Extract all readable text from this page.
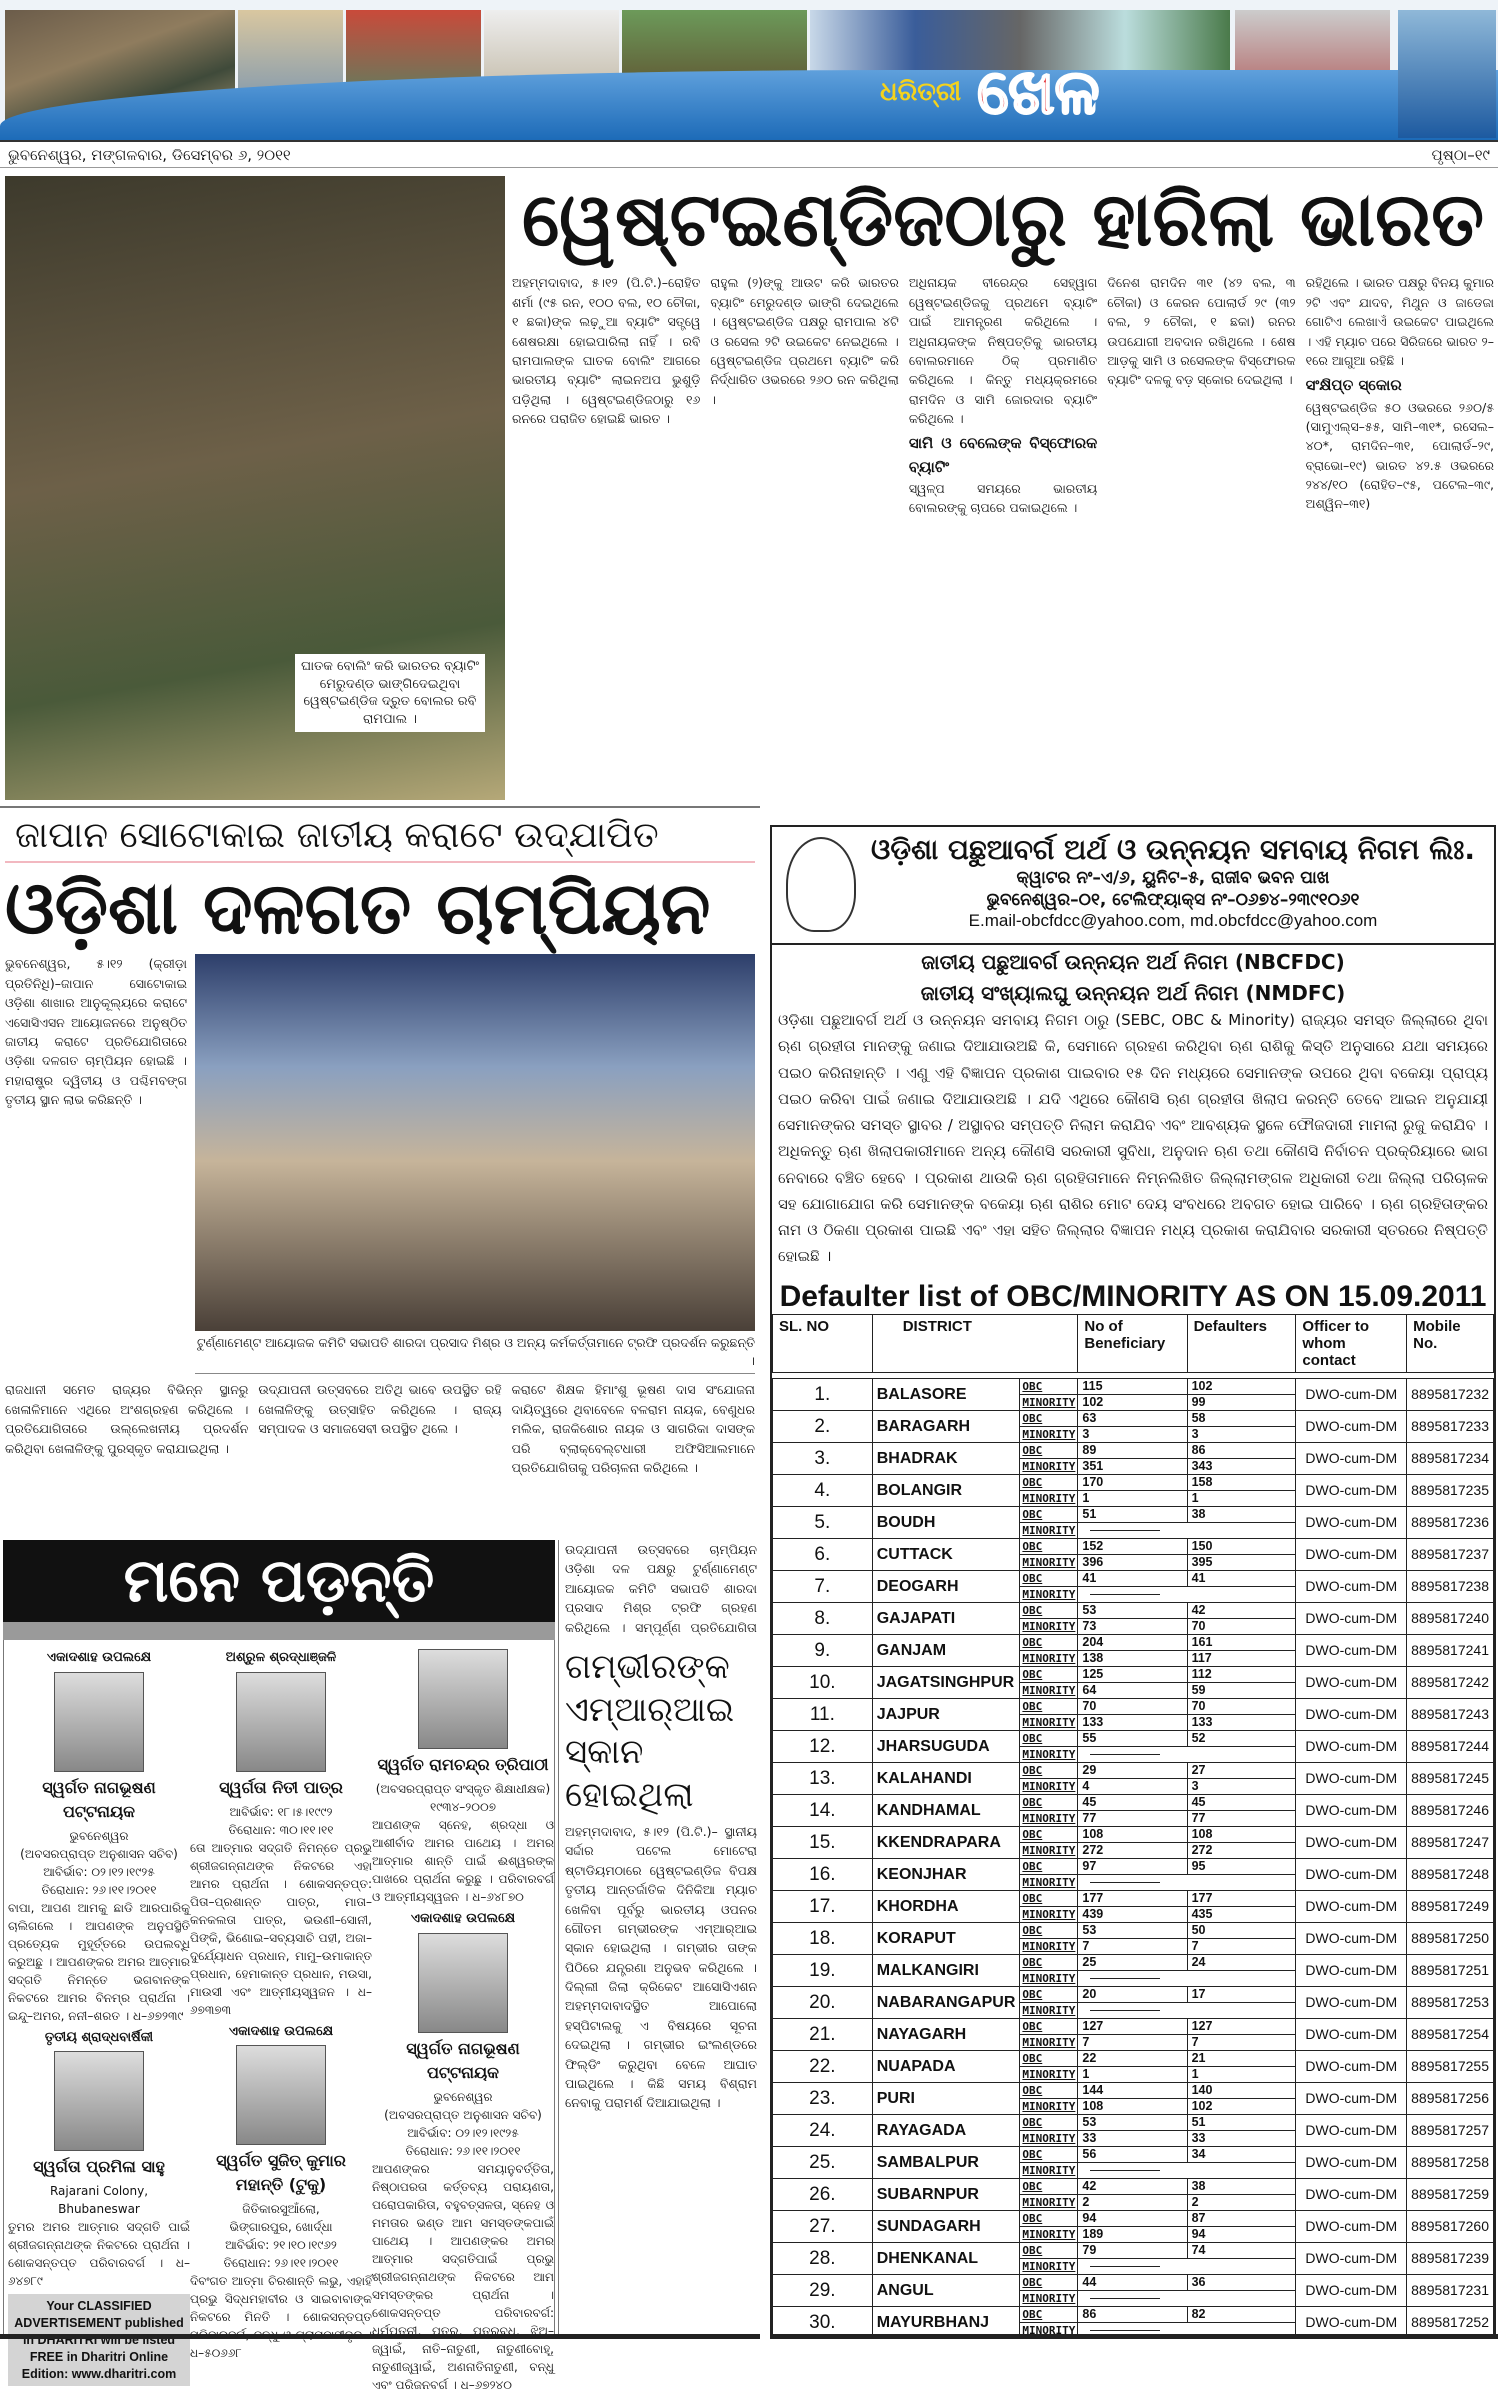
ଧରିତ୍ରୀ ଖେଳ
ଭୁବନେଶ୍ୱର, ମଙ୍ଗଳବାର, ଡିସେମ୍ବର ୬, ୨୦୧୧	ପୃଷ୍ଠା–୧୯
ଘାତକ ବୋଲିଂ କରି ଭାରତର ବ୍ୟାଟିଂ ମେରୁଦଣ୍ଡ ଭାଙ୍ଗିଦେଇଥିବା ୱେଷ୍ଟଇଣ୍ଡିଜ ଦ୍ରୁତ ବୋଲର ରବି ରାମପାଲ ।
ୱେଷ୍ଟଇଣ୍ଡିଜଠାରୁ ହାରିଲା ଭାରତ
ଅହମ୍ମଦାବାଦ, ୫।୧୨ (ପି.ଟି.)–ରୋହିତ ଶର୍ମା (୯୫ ରନ, ୧୦୦ ବଲ, ୧୦ ଚୌକା, ୧ ଛକା)ଙ୍କ ଲଢ଼ୁଆ ବ୍ୟାଟିଂ ସତ୍ତ୍ୱେ ଶେଷରକ୍ଷା ହୋଇପାରିଲା ନାହିଁ । ରବି ରାମପାଲଙ୍କ ଘାତକ ବୋଲିଂ ଆଗରେ ଭାରତୀୟ ବ୍ୟାଟିଂ ଲାଇନଅପ ଭୁଶୁଡ଼ି ପଡ଼ିଥିଲା । ୱେଷ୍ଟଇଣ୍ଡିଜଠାରୁ ୧୬ ରନରେ ପରାଜିତ ହୋଇଛି ଭାରତ ।
ରାହୁଲ (୨)ଙ୍କୁ ଆଉଟ କରି ଭାରତର ବ୍ୟାଟିଂ ମେରୁଦଣ୍ଡ ଭାଙ୍ଗି ଦେଇଥିଲେ । ୱେଷ୍ଟଇଣ୍ଡିଜ ପକ୍ଷରୁ ରାମପାଲ ୪ଟି ଓ ରସେଲ ୨ଟି ଉଇକେଟ ନେଇଥିଲେ । ୱେଷ୍ଟଇଣ୍ଡିଜ ପ୍ରଥମେ ବ୍ୟାଟିଂ କରି ନିର୍ଦ୍ଧାରିତ ଓଭରରେ ୨୬୦ ରନ କରିଥିଲା ।
ଅଧିନାୟକ ବୀରେନ୍ଦ୍ର ସେହ୍ୱାଗ ୱେଷ୍ଟଇଣ୍ଡିଜକୁ ପ୍ରଥମେ ବ୍ୟାଟିଂ ପାଇଁ ଆମନ୍ତ୍ରଣ କରିଥିଲେ । ଅଧିନାୟକଙ୍କ ନିଷ୍ପତ୍ତିକୁ ଭାରତୀୟ ବୋଲରମାନେ ଠିକ୍ ପ୍ରମାଣିତ କରିଥିଲେ । କିନ୍ତୁ ମଧ୍ୟକ୍ରମରେ ରାମଦିନ ଓ ସାମି ଜୋରଦାର ବ୍ୟାଟିଂ କରିଥିଲେ ।
ସାମି ଓ ବେଲେଙ୍କ ବିସ୍ଫୋରକ ବ୍ୟାଟିଂ
ସ୍ୱଳ୍ପ ସମୟରେ ଭାରତୀୟ ବୋଲରଙ୍କୁ ଚାପରେ ପକାଇଥିଲେ ।
ଦିନେଶ ରାମଦିନ ୩୧ (୪୨ ବଲ, ୩ ଚୌକା) ଓ କେରନ ପୋଲାର୍ଡ ୨୯ (୩୨ ବଲ, ୨ ଚୌକା, ୧ ଛକା) ରନର ଉପଯୋଗୀ ଅବଦାନ ରଖିଥିଲେ । ଶେଷ ଆଡ଼କୁ ସାମି ଓ ରସେଲଙ୍କ ବିସ୍ଫୋରକ ବ୍ୟାଟିଂ ଦଳକୁ ବଡ଼ ସ୍କୋର ଦେଇଥିଲା ।
ରହିଥିଲେ । ଭାରତ ପକ୍ଷରୁ ବିନୟ କୁମାର ୨ଟି ଏବଂ ଯାଦବ, ମିଥୁନ ଓ ଜାଡେଜା ଗୋଟିଏ ଲେଖାଏଁ ଉଇକେଟ ପାଇଥିଲେ । ଏହି ମ୍ୟାଚ ପରେ ସିରିଜରେ ଭାରତ ୨–୧ରେ ଆଗୁଆ ରହିଛି ।
ସଂକ୍ଷିପ୍ତ ସ୍କୋର
ୱେଷ୍ଟଇଣ୍ଡିଜ ୫୦ ଓଭରରେ ୨୬୦/୫ (ସାମୁଏଲ୍ସ–୫୫, ସାମି–୩୧*, ରସେଲ–୪୦*, ରାମଦିନ–୩୧, ପୋଲାର୍ଡ–୨୯, ବ୍ରାଭୋ–୧୯) ଭାରତ ୪୨.୫ ଓଭରରେ ୨୪୪/୧୦ (ରୋହିତ–୯୫, ପଟେଲ–୩୯, ଅଶ୍ୱିନ–୩୧)
ଜାପାନ ସୋଟୋକାଇ ଜାତୀୟ କରାଟେ ଉଦ୍‌ଯାପିତ
ଓଡ଼ିଶା ଦଳଗତ ଚାମ୍ପିୟନ
ଭୁବନେଶ୍ୱର, ୫।୧୨ (କ୍ରୀଡ଼ା ପ୍ରତିନିଧି)–ଜାପାନ ସୋଟୋକାଇ ଓଡ଼ିଶା ଶାଖାର ଆନୁକୂଲ୍ୟରେ କରାଟେ ଏସୋସିଏସନ ଆୟୋଜନରେ ଅନୁଷ୍ଠିତ ଜାତୀୟ କରାଟେ ପ୍ରତିଯୋଗିତାରେ ଓଡ଼ିଶା ଦଳଗତ ଚାମ୍ପିୟନ ହୋଇଛି । ମହାରାଷ୍ଟ୍ର ଦ୍ୱିତୀୟ ଓ ପଶ୍ଚିମବଙ୍ଗ ତୃତୀୟ ସ୍ଥାନ ଲାଭ କରିଛନ୍ତି ।
ଟୁର୍ଣ୍ଣାମେଣ୍ଟ ଆୟୋଜକ କମିଟି ସଭାପତି ଶାରଦା ପ୍ରସାଦ ମିଶ୍ର ଓ ଅନ୍ୟ କର୍ମକର୍ତ୍ତାମାନେ ଟ୍ରଫି ପ୍ରଦର୍ଶନ କରୁଛନ୍ତି ।
ରାଜଧାନୀ ସମେତ ରାଜ୍ୟର ବିଭିନ୍ନ ସ୍ଥାନରୁ ଖେଳାଳିମାନେ ଏଥିରେ ଅଂଶଗ୍ରହଣ କରିଥିଲେ । ପ୍ରତିଯୋଗିତାରେ ଉଲ୍ଲେଖନୀୟ ପ୍ରଦର୍ଶନ କରିଥିବା ଖେଳାଳିଙ୍କୁ ପୁରସ୍କୃତ କରାଯାଇଥିଲା ।
ଉଦ୍‌ଯାପନୀ ଉତ୍ସବରେ ଅତିଥି ଭାବେ ଉପସ୍ଥିତ ରହି ଖେଳାଳିଙ୍କୁ ଉତ୍ସାହିତ କରିଥିଲେ । ରାଜ୍ୟ ସମ୍ପାଦକ ଓ ସମାଜସେବୀ ଉପସ୍ଥିତ ଥିଲେ ।
କରାଟେ ଶିକ୍ଷକ ହିମାଂଶୁ ଭୂଷଣ ଦାସ ସଂଯୋଜନା ଦାୟିତ୍ୱରେ ଥିବାବେଳେ ବଳରାମ ନାୟକ, ବେଣୁଧର ମଲିକ, ରାଜକିଶୋର ନାୟକ ଓ ସାଗରିକା ଦାସଙ୍କ ପରି ବ୍ଲାକ୍‌ବେଲ୍ଟଧାରୀ ଅଫିସିଆଲମାନେ ପ୍ରତିଯୋଗିତାକୁ ପରିଚାଳନା କରିଥିଲେ ।
ଉଦ୍‌ଯାପନୀ ଉତ୍ସବରେ ଚାମ୍ପିୟନ ଓଡ଼ିଶା ଦଳ ପକ୍ଷରୁ ଟୁର୍ଣ୍ଣାମେଣ୍ଟ ଆୟୋଜକ କମିଟି ସଭାପତି ଶାରଦା ପ୍ରସାଦ ମିଶ୍ର ଟ୍ରଫି ଗ୍ରହଣ କରିଥିଲେ । ସମ୍ପୂର୍ଣ୍ଣ ପ୍ରତିଯୋଗିତା
ଗମ୍ଭୀରଙ୍କ ଏମ୍‌ଆର୍‌ଆଇ ସ୍କାନ ହୋଇଥିଲା
ଅହମ୍ମଦାବାଦ, ୫।୧୨ (ପି.ଟି.)– ସ୍ଥାନୀୟ ସର୍ଦ୍ଦାର ପଟେଲ ମୋଟେରା ଷ୍ଟାଡିୟମଠାରେ ୱେଷ୍ଟଇଣ୍ଡିଜ ବିପକ୍ଷ ତୃତୀୟ ଆନ୍ତର୍ଜାତିକ ଦିନିକିଆ ମ୍ୟାଚ ଖେଳିବା ପୂର୍ବରୁ ଭାରତୀୟ ଓପନର ଗୌତମ ଗମ୍ଭୀରଙ୍କ ଏମ୍‌ଆର୍‌ଆଇ ସ୍କାନ ହୋଇଥିଲା । ଗମ୍ଭୀର ତାଙ୍କ ପିଠିରେ ଯନ୍ତ୍ରଣା ଅନୁଭବ କରିଥିଲେ । ଦିଲ୍ଲୀ ଜିଲା କ୍ରିକେଟ ଆସୋସିଏଶନ ଅହମ୍ମଦାବାଦସ୍ଥିତ ଆପୋଲୋ ହସ୍ପିଟାଲକୁ ଏ ବିଷୟରେ ସୂଚନା ଦେଇଥିଲା । ଗମ୍ଭୀର ଇଂଲଣ୍ଡରେ ଫିଲ୍ଡିଂ କରୁଥିବା ବେଳେ ଆଘାତ ପାଇଥିଲେ । କିଛି ସମୟ ବିଶ୍ରାମ ନେବାକୁ ପରାମର୍ଶ ଦିଆଯାଇଥିଲା ।
ମନେ ପଡ଼ନ୍ତି
ଏକାଦଶାହ ଉପଲକ୍ଷେ
ସ୍ୱର୍ଗତ ନାଗଭୂଷଣ ପଟ୍ଟନାୟକ
ଭୁବନେଶ୍ୱର
(ଅବସରପ୍ରାପ୍ତ ଅନୁଶାସନ ସଚିବ)
ଆବିର୍ଭାବ: ୦୨।୧୨।୧୯୨୫
ତିରୋଧାନ: ୨୬।୧୧।୨୦୧୧
ବାପା, ଆପଣ ଆମକୁ ଛାଡି ଆରପାରିକୁ ଚାଲିଗଲେ । ଆପଣଙ୍କ ଅନୁପସ୍ଥିତି ପ୍ରତ୍ୟେକ ମୁହୂର୍ତ୍ତରେ ଉପଲବ୍ଧି କରୁଅଛୁ । ଆପଣଙ୍କର ଅମର ଆତ୍ମାର ସଦ୍‌ଗତି ନିମନ୍ତେ ଭଗବାନଙ୍କ ନିକଟରେ ଆମର ବିନମ୍ର ପ୍ରାର୍ଥନା । ଇନ୍ଦୁ–ଅମର, ନନୀ–ଶରତ । ଧ–୬୭୨୩୯
ତୃତୀୟ ଶ୍ରାଦ୍ଧବାର୍ଷିକୀ
ସ୍ୱର୍ଗତା ପ୍ରମିଳା ସାହୁ
Rajarani Colony,
Bhubaneswar
ତୁମର ଅମର ଆତ୍ମାର ସଦ୍‌ଗତି ପାଇଁ ଶ୍ରୀଜଗନ୍ନାଥଙ୍କ ନିକଟରେ ପ୍ରାର୍ଥନା । ଶୋକସନ୍ତପ୍ତ ପରିବାରବର୍ଗ । ଧ–୬୪୭୮୯
Your CLASSIFIED ADVERTISEMENT published in DHARITRI will be listed FREE in Dharitri Online Edition: www.dharitri.com
ଅଶ୍ରୁଳ ଶ୍ରଦ୍ଧାଞ୍ଜଳି
ସ୍ୱର୍ଗତା ନିତୀ ପାତ୍ର
ଆବିର୍ଭାବ: ୧୮।୫।୧୯୯୨
ତିରୋଧାନ: ୩୦।୧୧।୧୧
ତୋ ଆତ୍ମାର ସଦ୍‌ଗତି ନିମନ୍ତେ ପ୍ରଭୁ ଶ୍ରୀଜଗନ୍ନାଥଙ୍କ ନିକଟରେ ଏହା ଆମର ପ୍ରାର୍ଥନା । ଶୋକସନ୍ତପ୍ତ: ପିତା–ପ୍ରଶାନ୍ତ ପାତ୍ର, ମାତା–କନକଲତା ପାତ୍ର, ଭଉଣୀ–ସୋନୀ, ପିଙ୍କି, ଭିଣୋଇ–ସବ୍ୟସାଚି ପହୀ, ଅଜା–ଦୁର୍ଯ୍ୟୋଧନ ପ୍ରଧାନ, ମାମୁ–ଉମାକାନ୍ତ ପ୍ରଧାନ, ହେମାକାନ୍ତ ପ୍ରଧାନ, ମଉସା, ମାଉସୀ ଏବଂ ଆତ୍ମୀୟସ୍ୱଜନ । ଧ–୬୭୩୭୩
ଏକାଦଶାହ ଉପଲକ୍ଷେ
ସ୍ୱର୍ଗତ ସୁଜିତ୍ କୁମାର ମହାନ୍ତି (ଟୁକୁ)
ଜିତିକାରସୁଆଁଲୋ,
ଭିଙ୍ଗାରପୁର, ଖୋର୍ଦ୍ଧା
ଆବିର୍ଭାବ: ୨୧।୧୦।୧୯୬୨
ତିରୋଧାନ: ୨୬।୧୧।୨୦୧୧
ଦିବଂଗତ ଆତ୍ମା ଚିରଶାନ୍ତି ଲଭୁ, ଏହାହିଁ ପ୍ରଭୁ ସିଦ୍ଧମହାବୀର ଓ ସାଇବାବାଙ୍କ ନିକଟରେ ମିନତି । ଶୋକସନ୍ତପ୍ତ ପରିବାରବର୍ଗ, ବନ୍ଧୁ ଓ ଗ୍ରାମବାସୀବୃନ୍ଦ । ଧ–୫୦୬୬୮
ସ୍ୱର୍ଗତ ରାମଚନ୍ଦ୍ର ତ୍ରିପାଠୀ
(ଅବସରପ୍ରାପ୍ତ ସଂସ୍କୃତ ଶିକ୍ଷାଧୀକ୍ଷକ)
୧୯୩୪–୨୦୦୭
ଆପଣଙ୍କ ସ୍ନେହ, ଶ୍ରଦ୍ଧା ଓ ଆଶୀର୍ବାଦ ଆମର ପାଥେୟ । ଅମର ଆତ୍ମାର ଶାନ୍ତି ପାଇଁ ଈଶ୍ୱରଙ୍କ ପାଖରେ ପ୍ରାର୍ଥନା କରୁଛୁ । ପରିବାରବର୍ଗ ଓ ଆତ୍ମୀୟସ୍ୱଜନ । ଧ–୬୪୮୭୦
ଏକାଦଶାହ ଉପଲକ୍ଷେ
ସ୍ୱର୍ଗତ ନାଗଭୂଷଣ ପଟ୍ଟନାୟକ
ଭୁବନେଶ୍ୱର
(ଅବସରପ୍ରାପ୍ତ ଅନୁଶାସନ ସଚିବ)
ଆବିର୍ଭାବ: ୦୨।୧୨।୧୯୨୫
ତିରୋଧାନ: ୨୬।୧୧।୨୦୧୧
ଆପଣଙ୍କର ସମୟାନୁବର୍ତ୍ତିତା, ନିଷ୍ଠାପରତା କର୍ତ୍ତବ୍ୟ ପରାୟଣତା, ପରୋପକାରିତା, ବହୁବତ୍ସଳତା, ସ୍ନେହ ଓ ମମତାର ଭଣ୍ଡ ଆମ ସମସ୍ତଙ୍କପାଇଁ ପାଥେୟ । ଆପଣଙ୍କର ଅମର ଆତ୍ମାର ସଦ୍‌ଗତିପାଇଁ ପ୍ରଭୁ ଶ୍ରୀଜଗନ୍ନାଥଙ୍କ ନିକଟରେ ଆମ ସମସ୍ତଙ୍କର ପ୍ରାର୍ଥନା । ଶୋକସନ୍ତପ୍ତ ପରିବାରବର୍ଗ: ଧର୍ମପତ୍ନୀ, ପୁତ୍ର, ପୁତ୍ରବଧୂ, ଝିଅ–ଜ୍ୱାଇଁ, ନାତି–ନାତୁଣୀ, ନାତୁଣୀବୋହୂ, ନାତୁଣୀଜ୍ୱାଇଁ, ଅଣନାତିନାତୁଣୀ, ବନ୍ଧୁ ଏବଂ ପରିଜନବର୍ଗ । ଧ–୬୭୨୪୦
ଓଡ଼ିଶା ପଛୁଆବର୍ଗ ଅର୍ଥ ଓ ଉନ୍ନୟନ ସମବାୟ ନିଗମ ଲିଃ.
କ୍ୱାଟର ନଂ–ଏ/୬, ୟୁନିଟ–୫, ରାଜୀବ ଭବନ ପାଖ
ଭୁବନେଶ୍ୱର–୦୧, ଟେଲିଫ୍ୟାକ୍ସ ନଂ–୦୬୭୪–୨୩୯୧୦୬୧
E.mail-obcfdcc@yahoo.com, md.obcfdcc@yahoo.com
ଜାତୀୟ ପଛୁଆବର୍ଗ ଉନ୍ନୟନ ଅର୍ଥ ନିଗମ (NBCFDC)
ଜାତୀୟ ସଂଖ୍ୟାଲଘୁ ଉନ୍ନୟନ ଅର୍ଥ ନିଗମ (NMDFC)
ଓଡ଼ିଶା ପଛୁଆବର୍ଗ ଅର୍ଥ ଓ ଉନ୍ନୟନ ସମବାୟ ନିଗମ ଠାରୁ (SEBC, OBC & Minority) ରାଜ୍ୟର ସମସ୍ତ ଜିଲ୍ଲାରେ ଥିବା ଋଣ ଗ୍ରହୀତା ମାନଙ୍କୁ ଜଣାଇ ଦିଆଯାଉଅଛି କି, ସେମାନେ ଗ୍ରହଣ କରିଥିବା ଋଣ ରାଶିକୁ କିସ୍ତି ଅନୁସାରେ ଯଥା ସମୟରେ ପଇଠ କରିନାହାନ୍ତି । ଏଣୁ ଏହି ବିଜ୍ଞାପନ ପ୍ରକାଶ ପାଇବାର ୧୫ ଦିନ ମଧ୍ୟରେ ସେମାନଙ୍କ ଉପରେ ଥିବା ବକେୟା ପ୍ରାପ୍ୟ ପଇଠ କରିବା ପାଇଁ ଜଣାଇ ଦିଆଯାଉଅଛି । ଯଦି ଏଥିରେ କୌଣସି ଋଣ ଗ୍ରହୀତା ଖିଲାପ କରନ୍ତି ତେବେ ଆଇନ ଅନୁଯାୟୀ ସେମାନଙ୍କର ସମସ୍ତ ସ୍ଥାବର / ଅସ୍ଥାବର ସମ୍ପତ୍ତି ନିଲାମ କରାଯିବ ଏବଂ ଆବଶ୍ୟକ ସ୍ଥଳେ ଫୌଜଦାରୀ ମାମଲା ରୁଜୁ କରାଯିବ । ଅଧିକନ୍ତୁ ଋଣ ଖିଲାପକାରୀମାନେ ଅନ୍ୟ କୌଣସି ସରକାରୀ ସୁବିଧା, ଅନୁଦାନ ଋଣ ତଥା କୌଣସି ନିର୍ବାଚନ ପ୍ରକ୍ରିୟାରେ ଭାଗ ନେବାରେ ବଞ୍ଚିତ ହେବେ । ପ୍ରକାଶ ଥାଉକି ଋଣ ଗ୍ରହିତାମାନେ ନିମ୍ନଲିଖିତ ଜିଲ୍ଲାମଙ୍ଗଳ ଅଧିକାରୀ ତଥା ଜିଲ୍ଲା ପରିଚାଳକ ସହ ଯୋଗାଯୋଗ କରି ସେମାନଙ୍କ ବକେୟା ଋଣ ରାଶିର ମୋଟ ଦେୟ ସଂବଧରେ ଅବଗତ ହୋଇ ପାରିବେ । ଋଣ ଗ୍ରହିତାଙ୍କର ନାମ ଓ ଠିକଣା ପ୍ରକାଶ ପାଇଛି ଏବଂ ଏହା ସହିତ ଜିଲ୍ଲାର ବିଜ୍ଞାପନ ମଧ୍ୟ ପ୍ରକାଶ କରାଯିବାର ସରକାରୀ ସ୍ତରରେ ନିଷ୍ପତ୍ତି ହୋଇଛି ।
Defaulter list of OBC/MINORITY AS ON 15.09.2011
SL. NO	DISTRICT		No of Beneficiary	Defaulters	Officer to whom contact	Mobile No.

1.	BALASORE	OBC	115	102	DWO-cum-DM	8895817232
		MINORITY	102	99		
2.	BARAGARH	OBC	63	58	DWO-cum-DM	8895817233
		MINORITY	3	3		
3.	BHADRAK	OBC	89	86	DWO-cum-DM	8895817234
		MINORITY	351	343		
4.	BOLANGIR	OBC	170	158	DWO-cum-DM	8895817235
		MINORITY	1	1		
5.	BOUDH	OBC	51	38	DWO-cum-DM	8895817236
		MINORITY				
6.	CUTTACK	OBC	152	150	DWO-cum-DM	8895817237
		MINORITY	396	395		
7.	DEOGARH	OBC	41	41	DWO-cum-DM	8895817238
		MINORITY				
8.	GAJAPATI	OBC	53	42	DWO-cum-DM	8895817240
		MINORITY	73	70		
9.	GANJAM	OBC	204	161	DWO-cum-DM	8895817241
		MINORITY	138	117		
10.	JAGATSINGHPUR	OBC	125	112	DWO-cum-DM	8895817242
		MINORITY	64	59		
11.	JAJPUR	OBC	70	70	DWO-cum-DM	8895817243
		MINORITY	133	133		
12.	JHARSUGUDA	OBC	55	52	DWO-cum-DM	8895817244
		MINORITY				
13.	KALAHANDI	OBC	29	27	DWO-cum-DM	8895817245
		MINORITY	4	3		
14.	KANDHAMAL	OBC	45	45	DWO-cum-DM	8895817246
		MINORITY	77	77		
15.	KKENDRAPARA	OBC	108	108	DWO-cum-DM	8895817247
		MINORITY	272	272		
16.	KEONJHAR	OBC	97	95	DWO-cum-DM	8895817248
		MINORITY				
17.	KHORDHA	OBC	177	177	DWO-cum-DM	8895817249
		MINORITY	439	435		
18.	KORAPUT	OBC	53	50	DWO-cum-DM	8895817250
		MINORITY	7	7		
19.	MALKANGIRI	OBC	25	24	DWO-cum-DM	8895817251
		MINORITY				
20.	NABARANGAPUR	OBC	20	17	DWO-cum-DM	8895817253
		MINORITY				
21.	NAYAGARH	OBC	127	127	DWO-cum-DM	8895817254
		MINORITY	7	7		
22.	NUAPADA	OBC	22	21	DWO-cum-DM	8895817255
		MINORITY	1	1		
23.	PURI	OBC	144	140	DWO-cum-DM	8895817256
		MINORITY	108	102		
24.	RAYAGADA	OBC	53	51	DWO-cum-DM	8895817257
		MINORITY	33	33		
25.	SAMBALPUR	OBC	56	34	DWO-cum-DM	8895817258
		MINORITY				
26.	SUBARNPUR	OBC	42	38	DWO-cum-DM	8895817259
		MINORITY	2	2		
27.	SUNDAGARH	OBC	94	87	DWO-cum-DM	8895817260
		MINORITY	189	94		
28.	DHENKANAL	OBC	79	74	DWO-cum-DM	8895817239
		MINORITY				
29.	ANGUL	OBC	44	36	DWO-cum-DM	8895817231
		MINORITY				
30.	MAYURBHANJ	OBC	86	82	DWO-cum-DM	8895817252
		MINORITY				
